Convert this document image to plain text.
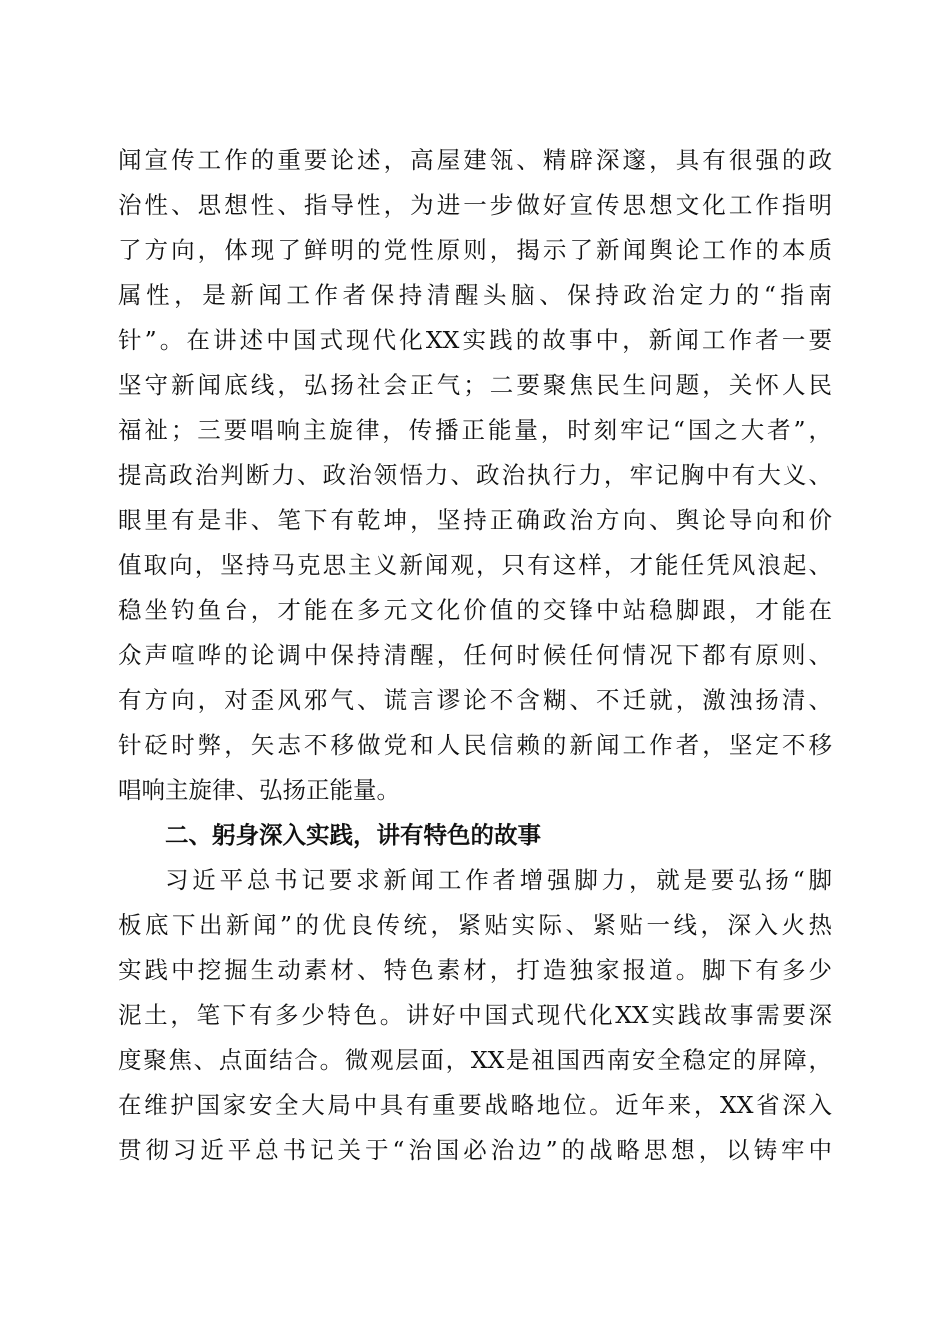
闻宣传工作的重要论述，高屋建瓴、精辟深邃，具有很强的政
治性、思想性、指导性，为进一步做好宣传思想文化工作指明
了方向，体现了鲜明的党性原则，揭示了新闻舆论工作的本质
属性，是新闻工作者保持清醒头脑、保持政治定力的“指南
针”。在讲述中国式现代化XX实践的故事中，新闻工作者一要
坚守新闻底线，弘扬社会正气；二要聚焦民生问题，关怀人民
福祉；三要唱响主旋律，传播正能量，时刻牢记“国之大者”，
提高政治判断力、政治领悟力、政治执行力，牢记胸中有大义、
眼里有是非、笔下有乾坤，坚持正确政治方向、舆论导向和价
值取向，坚持马克思主义新闻观，只有这样，才能任凭风浪起、
稳坐钓鱼台，才能在多元文化价值的交锋中站稳脚跟，才能在
众声喧哗的论调中保持清醒，任何时候任何情况下都有原则、
有方向，对歪风邪气、谎言谬论不含糊、不迁就，激浊扬清、
针砭时弊，矢志不移做党和人民信赖的新闻工作者，坚定不移
唱响主旋律、弘扬正能量。
二、躬身深入实践，讲有特色的故事
习近平总书记要求新闻工作者增强脚力，就是要弘扬“脚
板底下出新闻”的优良传统，紧贴实际、紧贴一线，深入火热
实践中挖掘生动素材、特色素材，打造独家报道。脚下有多少
泥土，笔下有多少特色。讲好中国式现代化XX实践故事需要深
度聚焦、点面结合。微观层面，XX是祖国西南安全稳定的屏障，
在维护国家安全大局中具有重要战略地位。近年来，XX省深入
贯彻习近平总书记关于“治国必治边”的战略思想，以铸牢中
